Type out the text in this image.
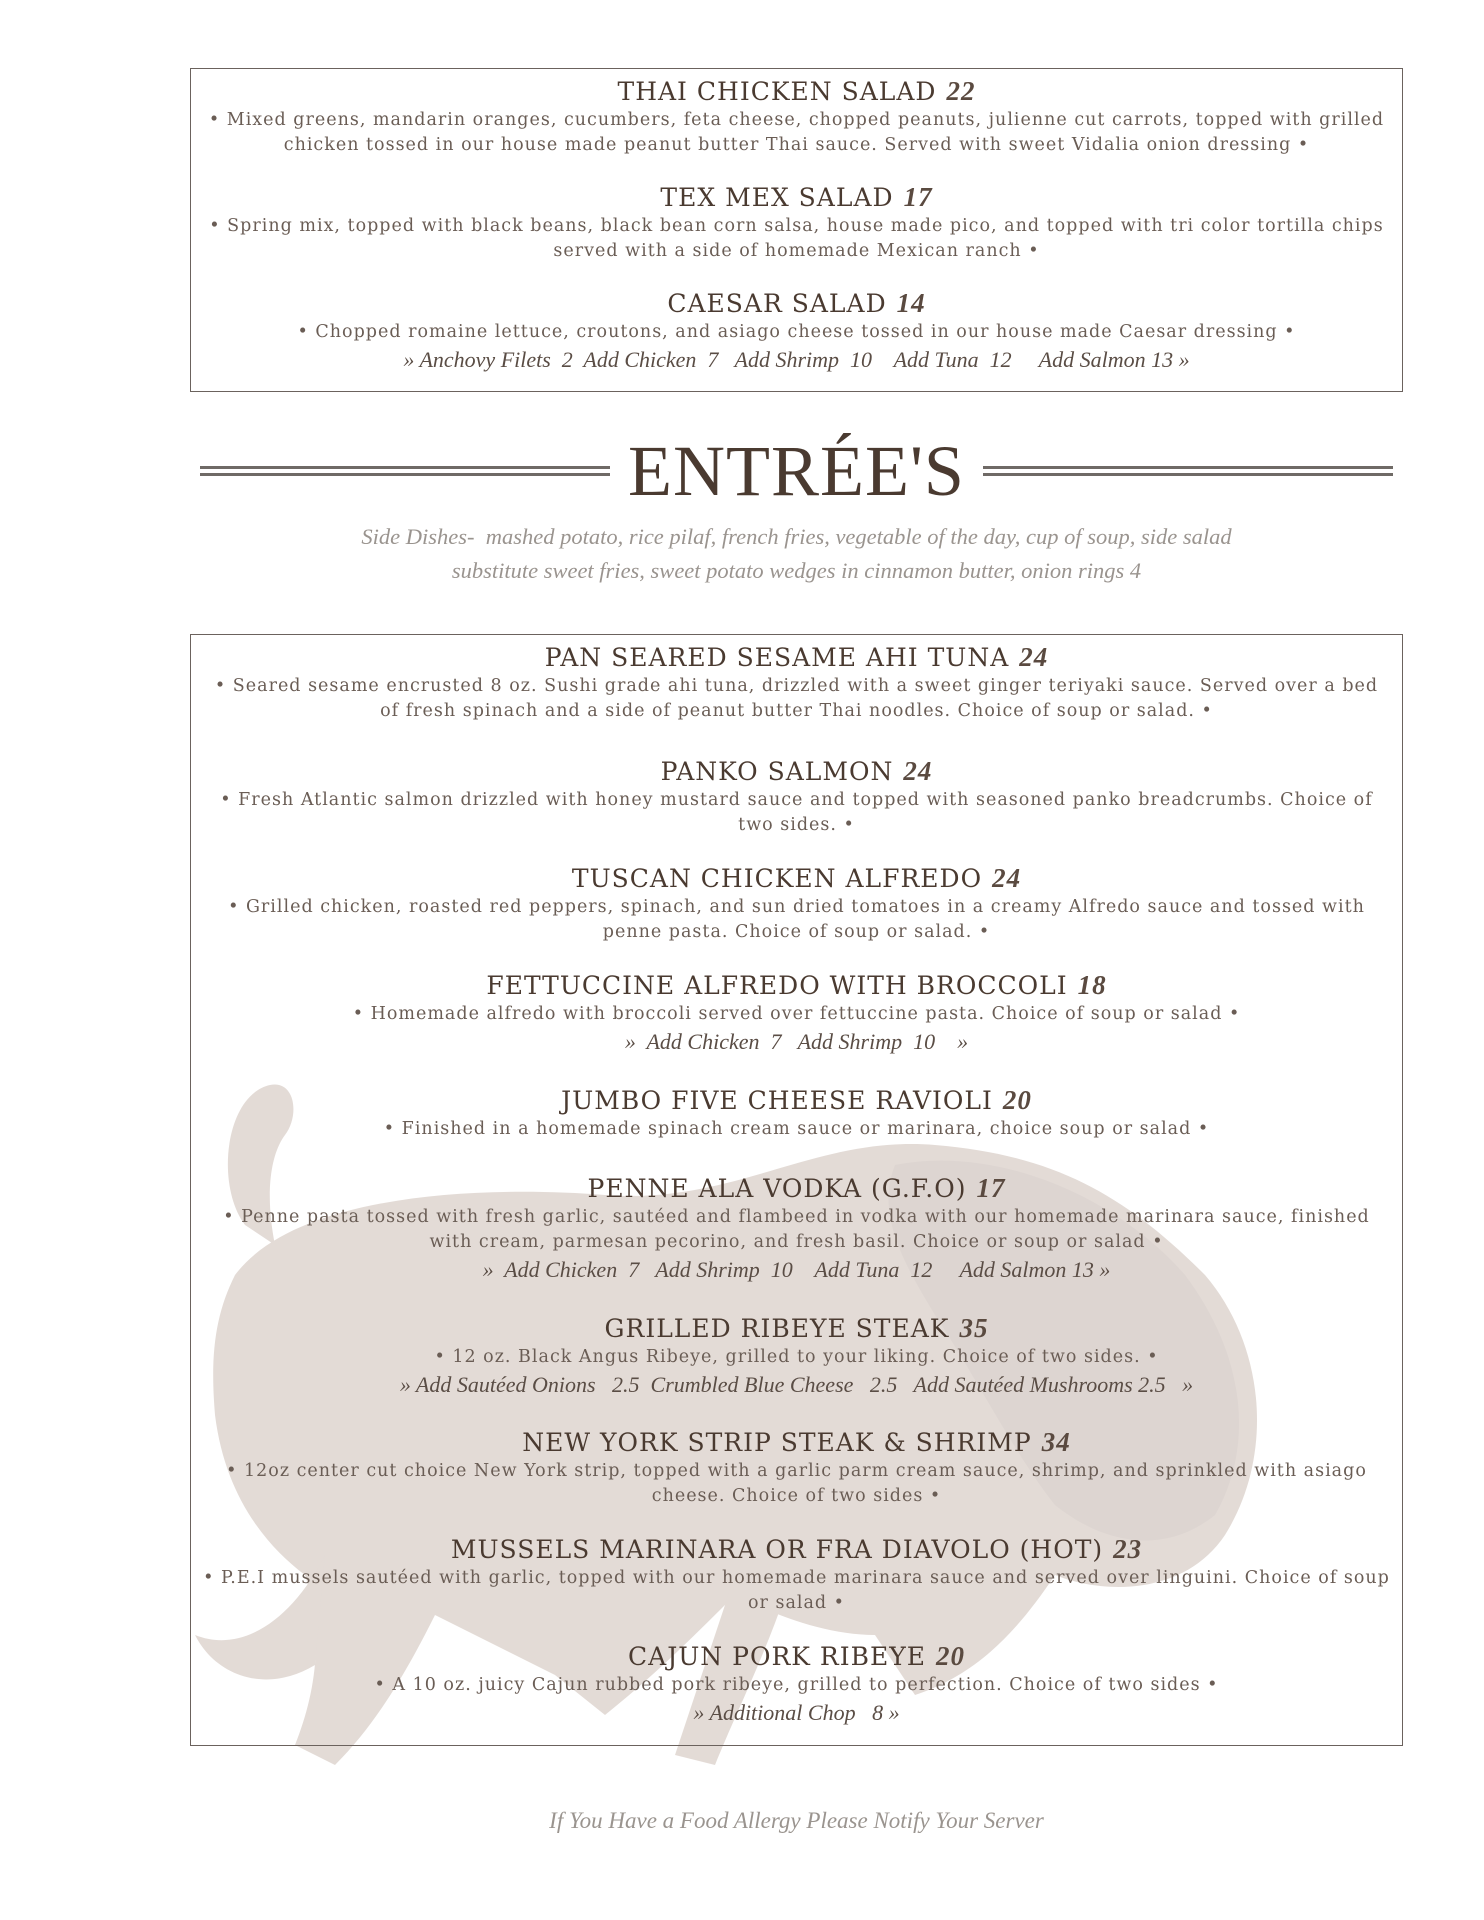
THAI CHICKEN SALAD 22
• Mixed greens, mandarin oranges, cucumbers, feta cheese, chopped peanuts, julienne cut carrots, topped with grilled chicken tossed in our house made peanut butter Thai sauce. Served with sweet Vidalia onion dressing •
TEX MEX SALAD 17
• Spring mix, topped with black beans, black bean corn salsa, house made pico, and topped with tri color tortilla chips served with a side of homemade Mexican ranch •
CAESAR SALAD 14
• Chopped romaine lettuce, croutons, and asiago cheese tossed in our house made Caesar dressing •
» Anchovy Filets  2  Add Chicken  7   Add Shrimp  10    Add Tuna  12     Add Salmon 13 »
ENTRÉE'S
Side Dishes-  mashed potato, rice pilaf, french fries, vegetable of the day, cup of soup, side salad
substitute sweet fries, sweet potato wedges in cinnamon butter, onion rings 4
PAN SEARED SESAME AHI TUNA 24
• Seared sesame encrusted 8 oz. Sushi grade ahi tuna, drizzled with a sweet ginger teriyaki sauce. Served over a bed of fresh spinach and a side of peanut butter Thai noodles. Choice of soup or salad. •
PANKO SALMON 24
• Fresh Atlantic salmon drizzled with honey mustard sauce and topped with seasoned panko breadcrumbs. Choice of two sides. •
TUSCAN CHICKEN ALFREDO 24
• Grilled chicken, roasted red peppers, spinach, and sun dried tomatoes in a creamy Alfredo sauce and tossed with penne pasta. Choice of soup or salad. •
FETTUCCINE ALFREDO WITH BROCCOLI 18
• Homemade alfredo with broccoli served over fettuccine pasta. Choice of soup or salad •
»  Add Chicken  7   Add Shrimp  10    »
JUMBO FIVE CHEESE RAVIOLI 20
• Finished in a homemade spinach cream sauce or marinara, choice soup or salad •
PENNE ALA VODKA (G.F.O) 17
• Penne pasta tossed with fresh garlic, sautéed and flambeed in vodka with our homemade marinara sauce, finished with cream, parmesan pecorino, and fresh basil. Choice or soup or salad •
»  Add Chicken  7   Add Shrimp  10    Add Tuna  12     Add Salmon 13 »
GRILLED RIBEYE STEAK 35
• 12 oz. Black Angus Ribeye, grilled to your liking. Choice of two sides. •
» Add Sautéed Onions   2.5  Crumbled Blue Cheese   2.5   Add Sautéed Mushrooms 2.5   »
NEW YORK STRIP STEAK & SHRIMP 34
• 12oz center cut choice New York strip, topped with a garlic parm cream sauce, shrimp, and sprinkled with asiago cheese. Choice of two sides •
MUSSELS MARINARA OR FRA DIAVOLO (HOT) 23
• P.E.I mussels sautéed with garlic, topped with our homemade marinara sauce and served over linguini. Choice of soup or salad •
CAJUN PORK RIBEYE 20
• A 10 oz. juicy Cajun rubbed pork ribeye, grilled to perfection. Choice of two sides •
» Additional Chop   8 »
If You Have a Food Allergy Please Notify Your Server
